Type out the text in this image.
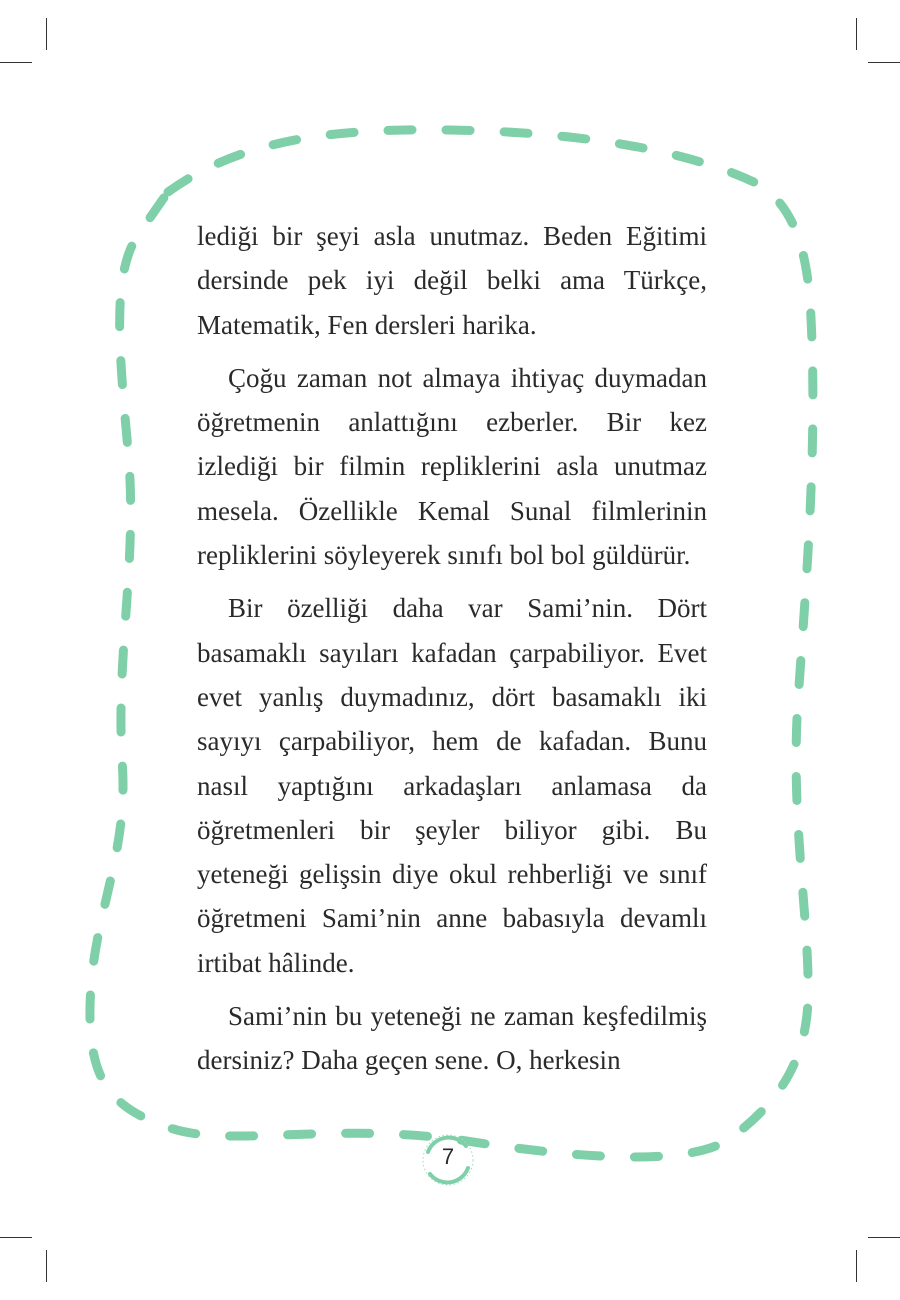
lediği bir şeyi asla unutmaz. Beden Eğitimi dersinde pek iyi değil belki ama Türkçe, Matematik, Fen dersleri harika.

Çoğu zaman not almaya ihtiyaç duymadan öğretmenin anlattığını ezberler. Bir kez izlediği bir filmin repliklerini asla unutmaz mesela. Özellikle Kemal Sunal filmlerinin repliklerini söyleyerek sınıfı bol bol güldürür.

Bir özelliği daha var Sami’nin. Dört basamaklı sayıları kafadan çarpabiliyor. Evet evet yanlış duymadınız, dört basamaklı iki sayıyı çarpabiliyor, hem de kafadan. Bunu nasıl yaptığını arkadaşları anlamasa da öğretmenleri bir şeyler biliyor gibi. Bu yeteneği gelişsin diye okul rehberliği ve sınıf öğretmeni Sami’nin anne babasıyla devamlı irtibat hâlinde.

Sami’nin bu yeteneği ne zaman keşfedilmiş dersiniz? Daha geçen sene. O, herkesin

7
